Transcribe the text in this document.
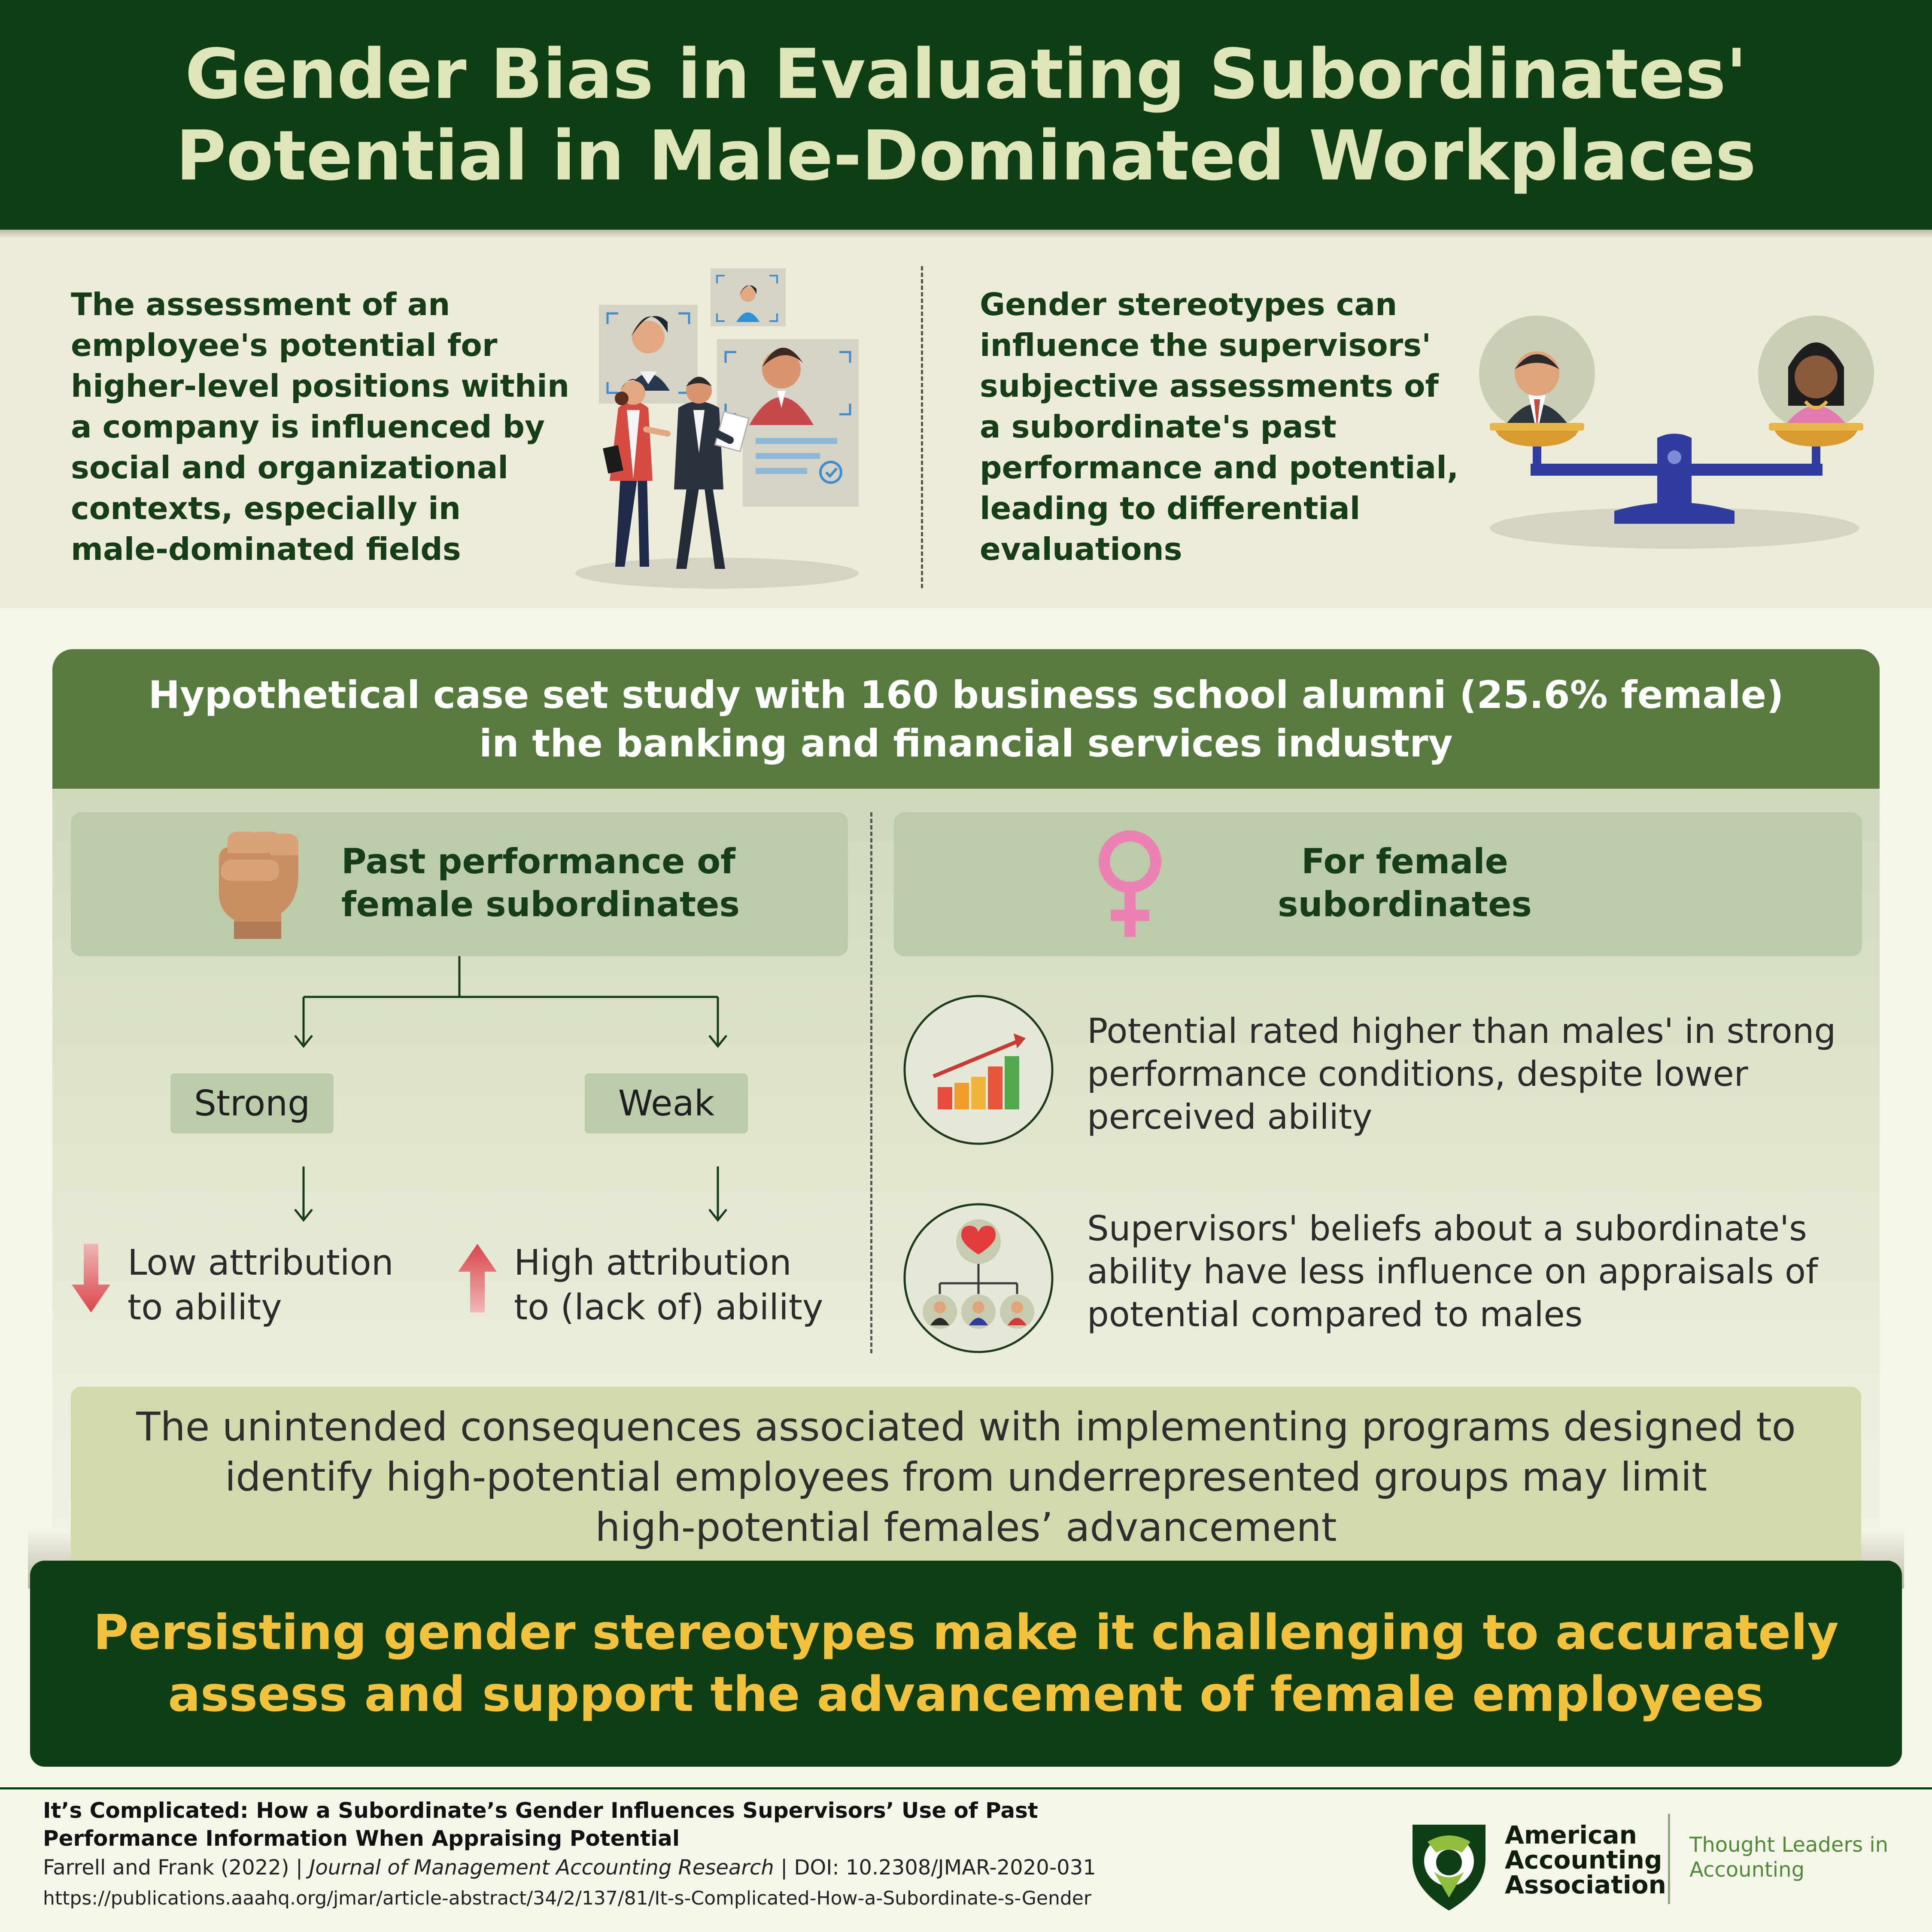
Gender Bias in Evaluating Subordinates'
Potential in Male-Dominated Workplaces
The assessment of an
employee's potential for
higher-level positions within
a company is influenced by
social and organizational
contexts, especially in
male-dominated fields
Gender stereotypes can
influence the supervisors'
subjective assessments of
a subordinate's past
performance and potential,
leading to differential
evaluations
Hypothetical case set study with 160 business school alumni (25.6% female)
in the banking and financial services industry
Past performance of
female subordinates
Strong	Weak
Low attribution
to ability
High attribution
to (lack of) ability
For female subordinates
Potential rated higher than males' in strong
performance conditions, despite lower
perceived ability
Supervisors' beliefs about a subordinate's
ability have less influence on appraisals of
potential compared to males
The unintended consequences associated with implementing programs designed to
identify high-potential employees from underrepresented groups may limit
high-potential females’ advancement
Persisting gender stereotypes make it challenging to accurately
assess and support the advancement of female employees
It’s Complicated: How a Subordinate’s Gender Influences Supervisors’ Use of Past
Performance Information When Appraising Potential
Farrell and Frank (2022) | Journal of Management Accounting Research | DOI: 10.2308/JMAR-2020-031
https://publications.aaahq.org/jmar/article-abstract/34/2/137/81/It-s-Complicated-How-a-Subordinate-s-Gender
American
Accounting
Association
Thought Leaders in
Accounting
